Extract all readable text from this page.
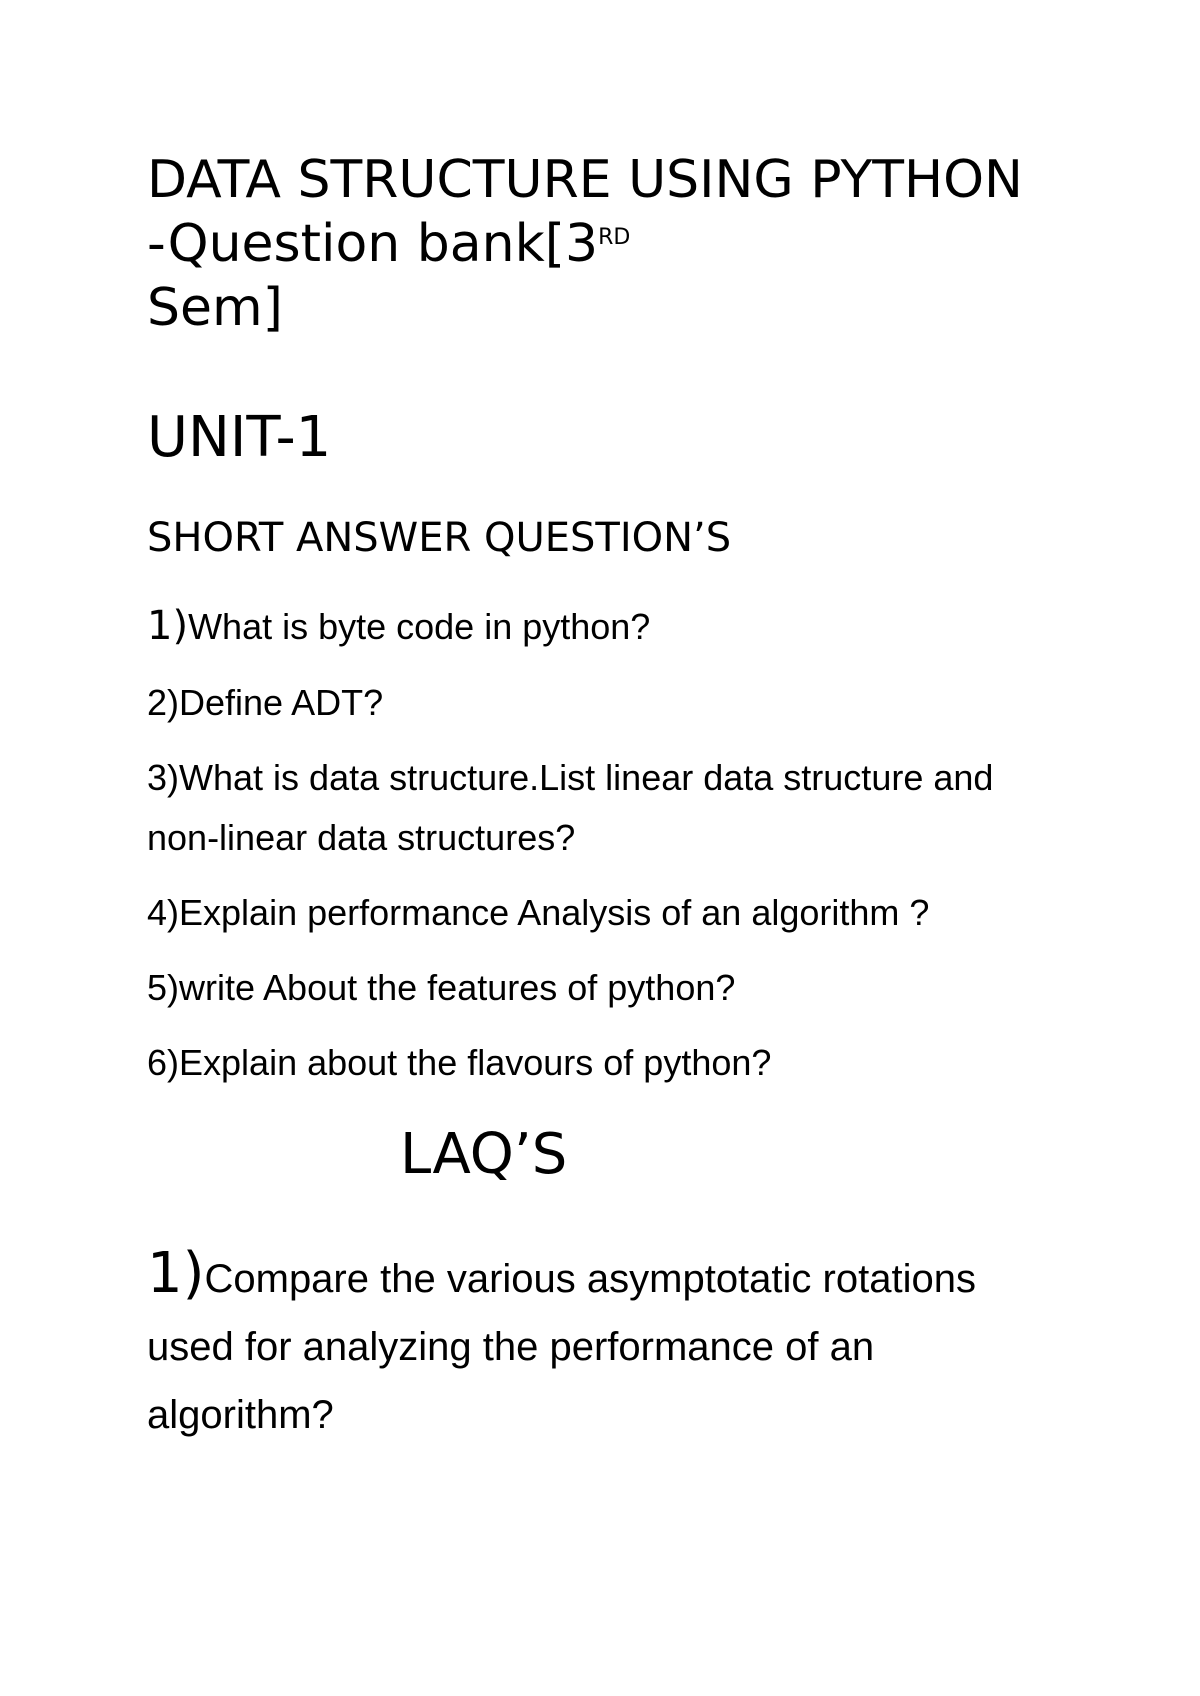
DATA STRUCTURE USING PYTHON -Question bank[3RD
Sem]
UNIT-1
SHORT ANSWER QUESTION’S

1)What is byte code in python?

2)Define ADT?

3)What is data structure.List linear data structure and non-linear data structures?

4)Explain performance Analysis of an algorithm ?

5)write About the features of python?

6)Explain about the flavours of python?

LAQ’S

1)Compare the various asymptotatic rotations used for analyzing the performance of an algorithm?
